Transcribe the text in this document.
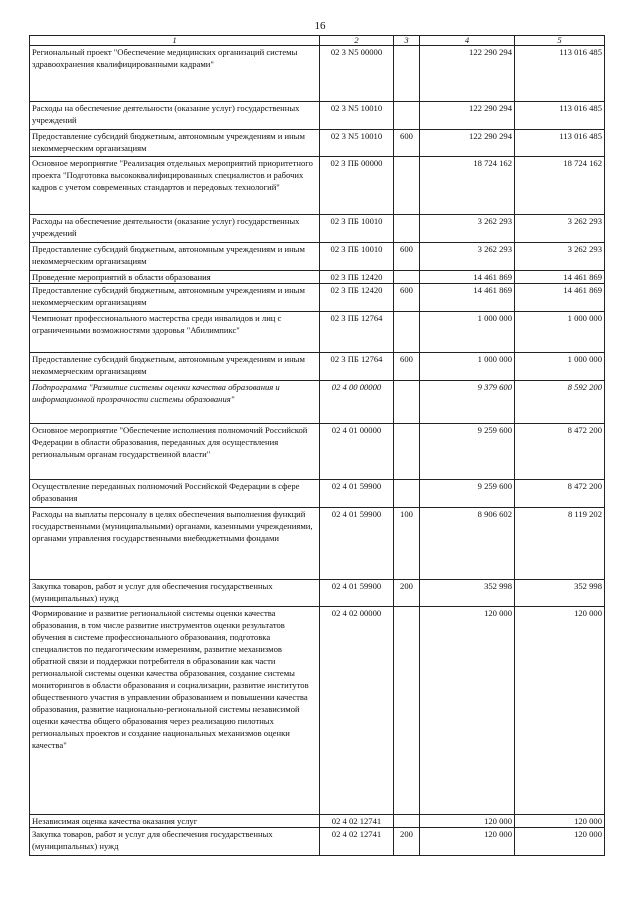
16
1	2	3	4	5
Региональный проект "Обеспечение медицинских организаций системы здравоохранения квалифицированными кадрами"	02 3 N5 00000		122 290 294	113 016 485
Расходы на обеспечение деятельности (оказание услуг) государственных учреждений	02 3 N5 10010		122 290 294	113 016 485
Предоставление субсидий бюджетным, автономным учреждениям и иным некоммерческим организациям	02 3 N5 10010	600	122 290 294	113 016 485
Основное мероприятие "Реализация отдельных мероприятий приоритетного проекта "Подготовка высококвалифицированных специалистов и рабочих кадров с учетом современных стандартов и передовых технологий"	02 3 ПБ 00000		18 724 162	18 724 162
Расходы на обеспечение деятельности (оказание услуг) государственных учреждений	02 3 ПБ 10010		3 262 293	3 262 293
Предоставление субсидий бюджетным, автономным учреждениям и иным некоммерческим организациям	02 3 ПБ 10010	600	3 262 293	3 262 293
Проведение мероприятий в области образования	02 3 ПБ 12420		14 461 869	14 461 869
Предоставление субсидий бюджетным, автономным учреждениям и иным некоммерческим организациям	02 3 ПБ 12420	600	14 461 869	14 461 869
Чемпионат профессионального мастерства среди инвалидов и лиц с ограниченными возможностями здоровья "Абилимпикс"	02 3 ПБ 12764		1 000 000	1 000 000
Предоставление субсидий бюджетным, автономным учреждениям и иным некоммерческим организациям	02 3 ПБ 12764	600	1 000 000	1 000 000
Подпрограмма "Развитие системы оценки качества образования и информационной прозрачности системы образования"	02 4 00 00000		9 379 600	8 592 200
Основное мероприятие "Обеспечение исполнения полномочий Российской Федерации в области образования, переданных для осуществления региональным органам государственной власти"	02 4 01 00000		9 259 600	8 472 200
Осуществление переданных полномочий Российской Федерации в сфере образования	02 4 01 59900		9 259 600	8 472 200
Расходы на выплаты персоналу в целях обеспечения выполнения функций государственными (муниципальными) органами, казенными учреждениями, органами управления государственными внебюджетными фондами	02 4 01 59900	100	8 906 602	8 119 202
Закупка товаров, работ и услуг для обеспечения государственных (муниципальных) нужд	02 4 01 59900	200	352 998	352 998
Формирование и развитие региональной системы оценки качества образования, в том числе развитие инструментов оценки результатов обучения в системе профессионального образования, подготовка специалистов по педагогическим измерениям, развитие механизмов обратной связи и поддержки потребителя в образовании как части региональной системы оценки качества образования, создание системы мониторингов в области образования и социализации, развитие институтов общественного участия в управлении образованием и повышении качества образования, развитие национально-региональной системы независимой оценки качества общего образования через реализацию пилотных региональных проектов и создание национальных механизмов оценки качества"	02 4 02 00000		120 000	120 000
Независимая оценка качества оказания услуг	02 4 02 12741		120 000	120 000
Закупка товаров, работ и услуг для обеспечения государственных (муниципальных) нужд	02 4 02 12741	200	120 000	120 000
